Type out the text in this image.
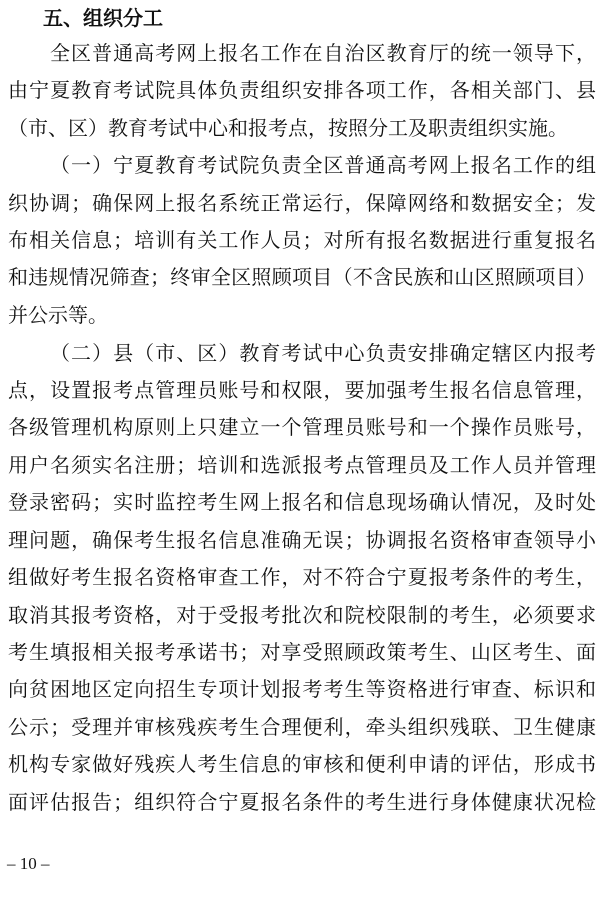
五、组织分工
全区普通高考网上报名工作在自治区教育厅的统一领导下，
由宁夏教育考试院具体负责组织安排各项工作，各相关部门、县
（市、区）教育考试中心和报考点，按照分工及职责组织实施。
（一）宁夏教育考试院负责全区普通高考网上报名工作的组
织协调；确保网上报名系统正常运行，保障网络和数据安全；发
布相关信息；培训有关工作人员；对所有报名数据进行重复报名
和违规情况筛查；终审全区照顾项目（不含民族和山区照顾项目）
并公示等。
（二）县（市、区）教育考试中心负责安排确定辖区内报考
点，设置报考点管理员账号和权限，要加强考生报名信息管理，
各级管理机构原则上只建立一个管理员账号和一个操作员账号，
用户名须实名注册；培训和选派报考点管理员及工作人员并管理
登录密码；实时监控考生网上报名和信息现场确认情况，及时处
理问题，确保考生报名信息准确无误；协调报名资格审查领导小
组做好考生报名资格审查工作，对不符合宁夏报考条件的考生，
取消其报考资格，对于受报考批次和院校限制的考生，必须要求
考生填报相关报考承诺书；对享受照顾政策考生、山区考生、面
向贫困地区定向招生专项计划报考考生等资格进行审查、标识和
公示；受理并审核残疾考生合理便利，牵头组织残联、卫生健康
机构专家做好残疾人考生信息的审核和便利申请的评估，形成书
面评估报告；组织符合宁夏报名条件的考生进行身体健康状况检
– 10 –
